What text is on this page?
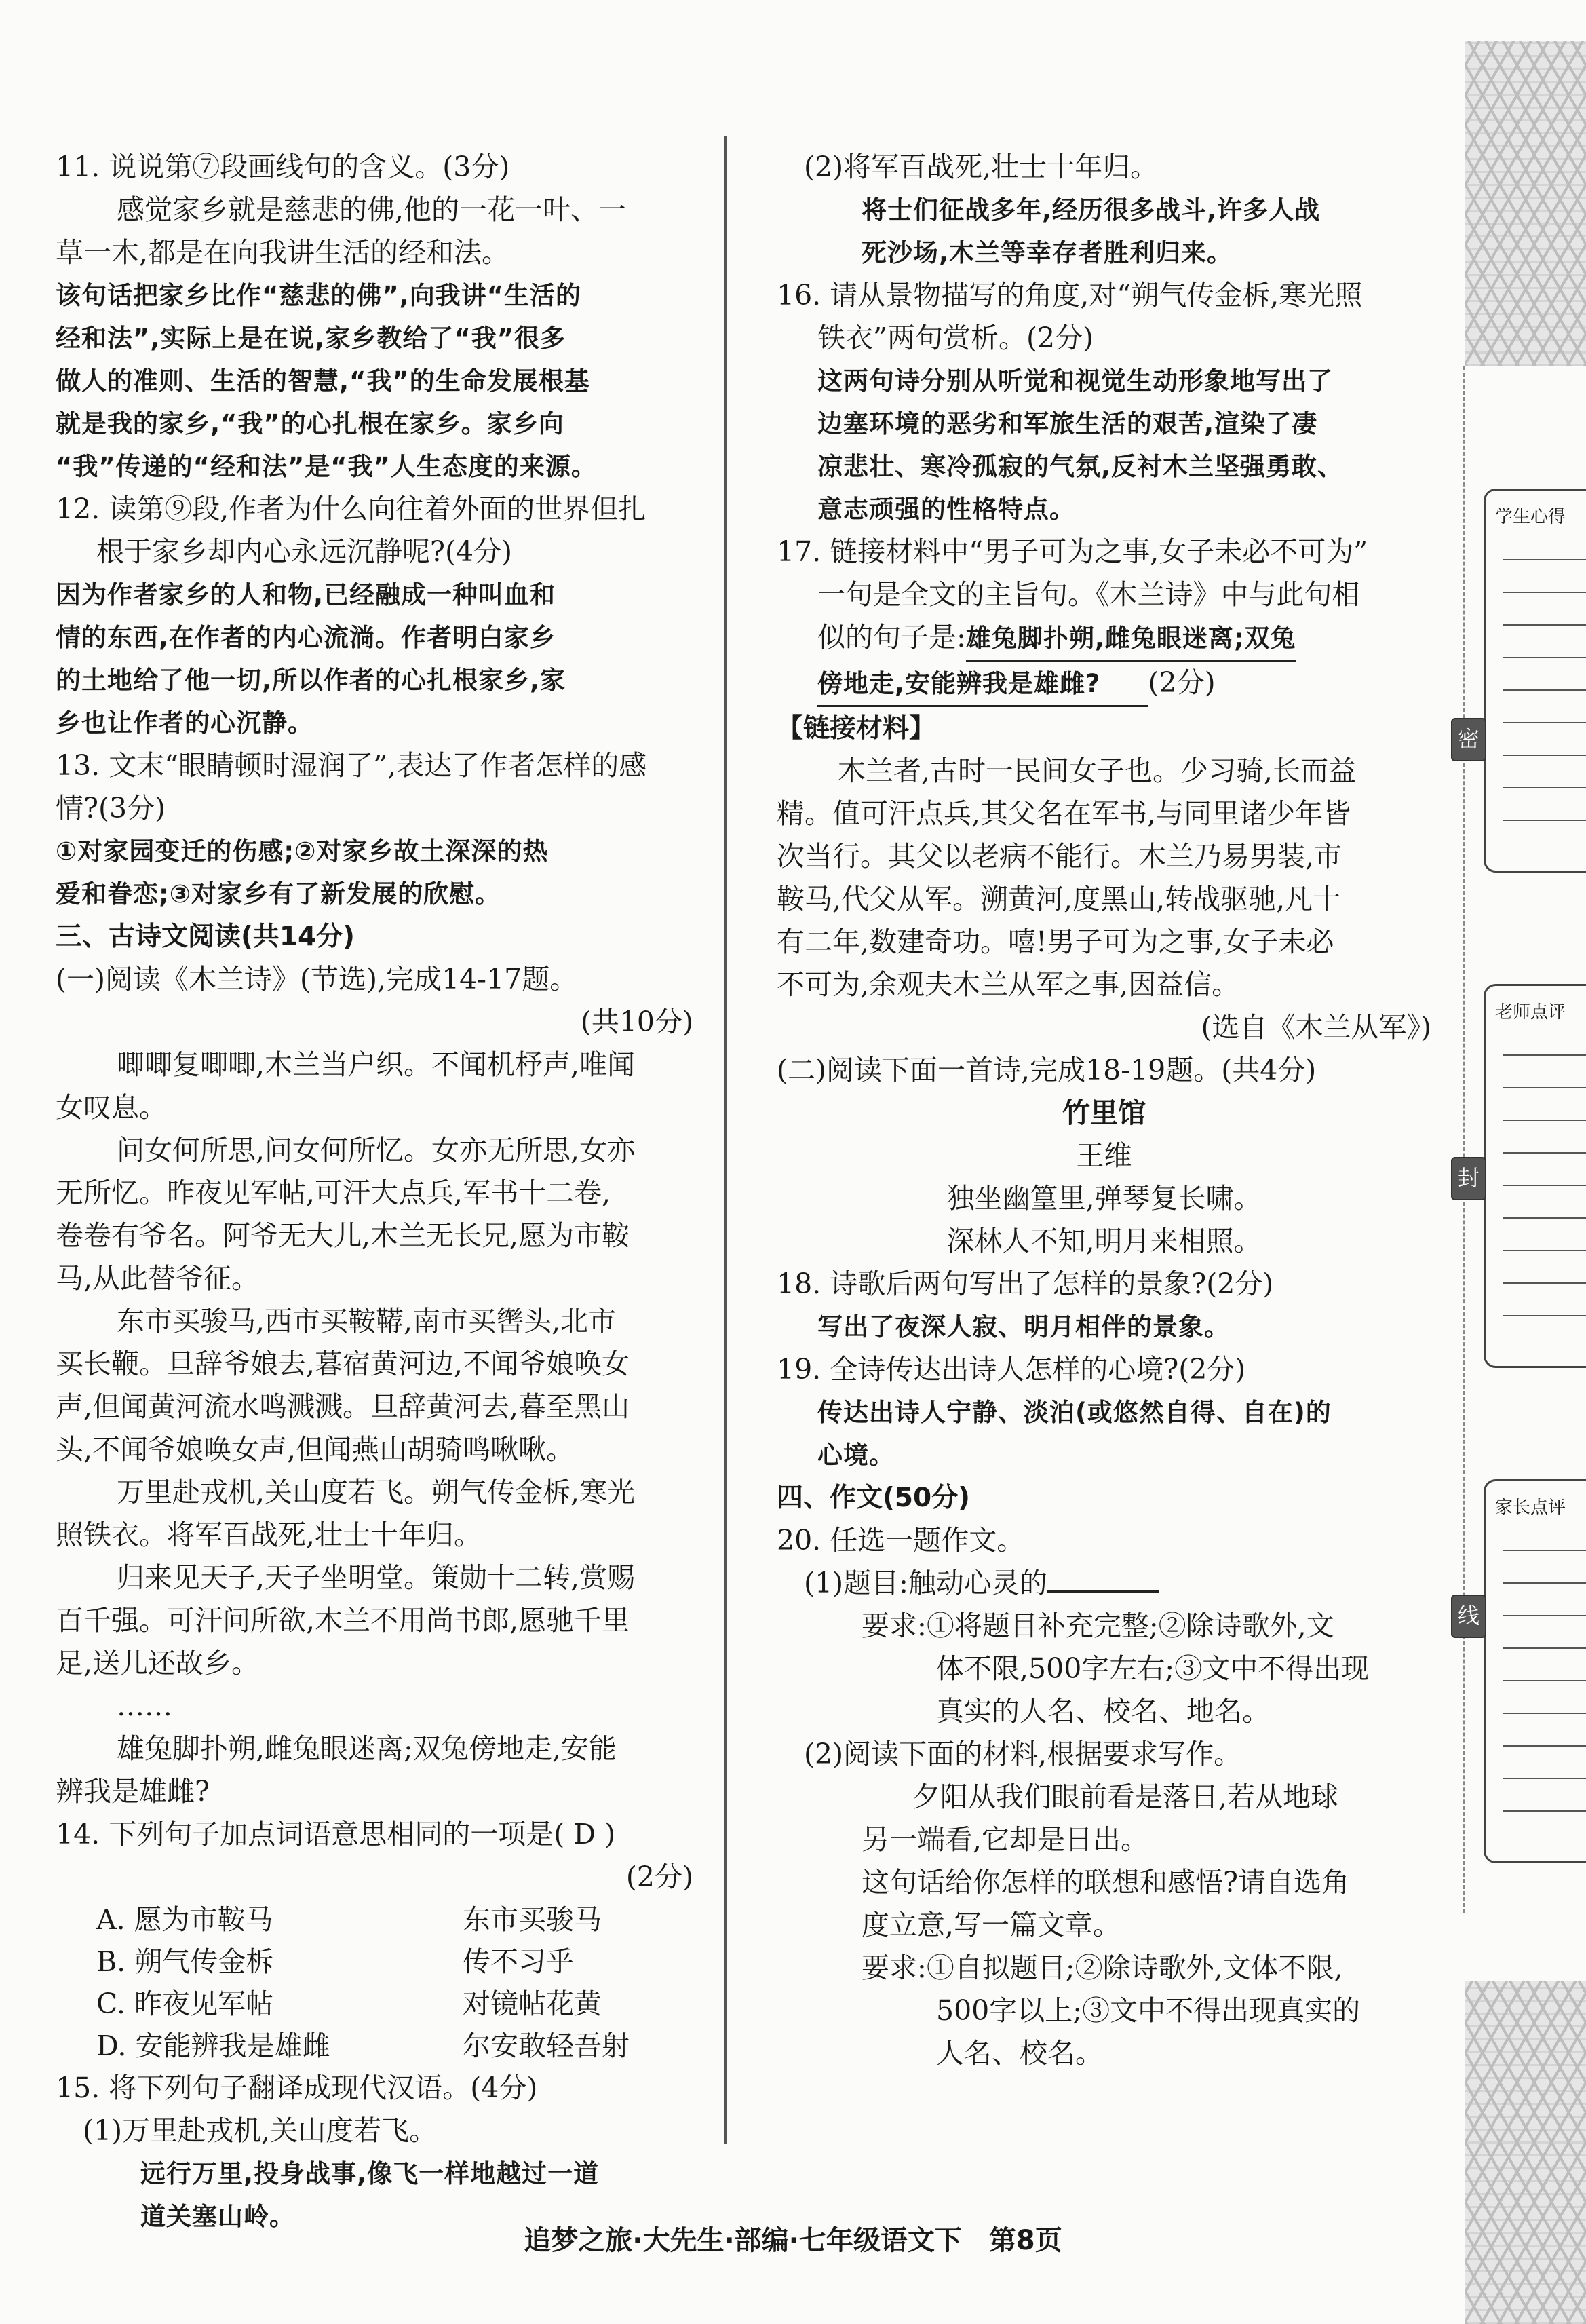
11. 说说第⑦段画线句的含义。(3分)
感觉家乡就是慈悲的佛,他的一花一叶、一
草一木,都是在向我讲生活的经和法。
该句话把家乡比作“慈悲的佛”,向我讲“生活的
经和法”,实际上是在说,家乡教给了“我”很多
做人的准则、生活的智慧,“我”的生命发展根基
就是我的家乡,“我”的心扎根在家乡。家乡向
“我”传递的“经和法”是“我”人生态度的来源。
12. 读第⑨段,作者为什么向往着外面的世界但扎
根于家乡却内心永远沉静呢?(4分)
因为作者家乡的人和物,已经融成一种叫血和
情的东西,在作者的内心流淌。作者明白家乡
的土地给了他一切,所以作者的心扎根家乡,家
乡也让作者的心沉静。
13. 文末“眼睛顿时湿润了”,表达了作者怎样的感
情?(3分)
①对家园变迁的伤感;②对家乡故土深深的热
爱和眷恋;③对家乡有了新发展的欣慰。
三、古诗文阅读(共14分)
(一)阅读《木兰诗》(节选),完成14-17题。
(共10分)
唧唧复唧唧,木兰当户织。不闻机杼声,唯闻
女叹息。
问女何所思,问女何所忆。女亦无所思,女亦
无所忆。昨夜见军帖,可汗大点兵,军书十二卷,
卷卷有爷名。阿爷无大儿,木兰无长兄,愿为市鞍
马,从此替爷征。
东市买骏马,西市买鞍鞯,南市买辔头,北市
买长鞭。旦辞爷娘去,暮宿黄河边,不闻爷娘唤女
声,但闻黄河流水鸣溅溅。旦辞黄河去,暮至黑山
头,不闻爷娘唤女声,但闻燕山胡骑鸣啾啾。
万里赴戎机,关山度若飞。朔气传金柝,寒光
照铁衣。将军百战死,壮士十年归。
归来见天子,天子坐明堂。策勋十二转,赏赐
百千强。可汗问所欲,木兰不用尚书郎,愿驰千里
足,送儿还故乡。
……
雄兔脚扑朔,雌兔眼迷离;双兔傍地走,安能
辨我是雄雌?
14. 下列句子加点词语意思相同的一项是( D )
(2分)
A. 愿为市鞍马	东市买骏马
B. 朔气传金柝	传不习乎
C. 昨夜见军帖	对镜帖花黄
D. 安能辨我是雄雌	尔安敢轻吾射
15. 将下列句子翻译成现代汉语。(4分)
(1)万里赴戎机,关山度若飞。
远行万里,投身战事,像飞一样地越过一道
道关塞山岭。
(2)将军百战死,壮士十年归。
将士们征战多年,经历很多战斗,许多人战
死沙场,木兰等幸存者胜利归来。
16. 请从景物描写的角度,对“朔气传金柝,寒光照
铁衣”两句赏析。(2分)
这两句诗分别从听觉和视觉生动形象地写出了
边塞环境的恶劣和军旅生活的艰苦,渲染了凄
凉悲壮、寒冷孤寂的气氛,反衬木兰坚强勇敢、
意志顽强的性格特点。
17. 链接材料中“男子可为之事,女子未必不可为”
一句是全文的主旨句。《木兰诗》中与此句相
似的句子是:雄兔脚扑朔,雌兔眼迷离;双兔
傍地走,安能辨我是雄雌? (2分)
【链接材料】
木兰者,古时一民间女子也。少习骑,长而益
精。值可汗点兵,其父名在军书,与同里诸少年皆
次当行。其父以老病不能行。木兰乃易男装,市
鞍马,代父从军。溯黄河,度黑山,转战驱驰,凡十
有二年,数建奇功。嘻!男子可为之事,女子未必
不可为,余观夫木兰从军之事,因益信。
(选自《木兰从军》)
(二)阅读下面一首诗,完成18-19题。(共4分)
竹里馆
王维
独坐幽篁里,弹琴复长啸。
深林人不知,明月来相照。
18. 诗歌后两句写出了怎样的景象?(2分)
写出了夜深人寂、明月相伴的景象。
19. 全诗传达出诗人怎样的心境?(2分)
传达出诗人宁静、淡泊(或悠然自得、自在)的
心境。
四、作文(50分)
20. 任选一题作文。
(1)题目:触动心灵的
要求:①将题目补充完整;②除诗歌外,文
体不限,500字左右;③文中不得出现
真实的人名、校名、地名。
(2)阅读下面的材料,根据要求写作。
夕阳从我们眼前看是落日,若从地球
另一端看,它却是日出。
这句话给你怎样的联想和感悟?请自选角
度立意,写一篇文章。
要求:①自拟题目;②除诗歌外,文体不限,
500字以上;③文中不得出现真实的
人名、校名。
学生心得
老师点评
家长点评
密
封
线
追梦之旅·大先生·部编·七年级语文下　第8页
